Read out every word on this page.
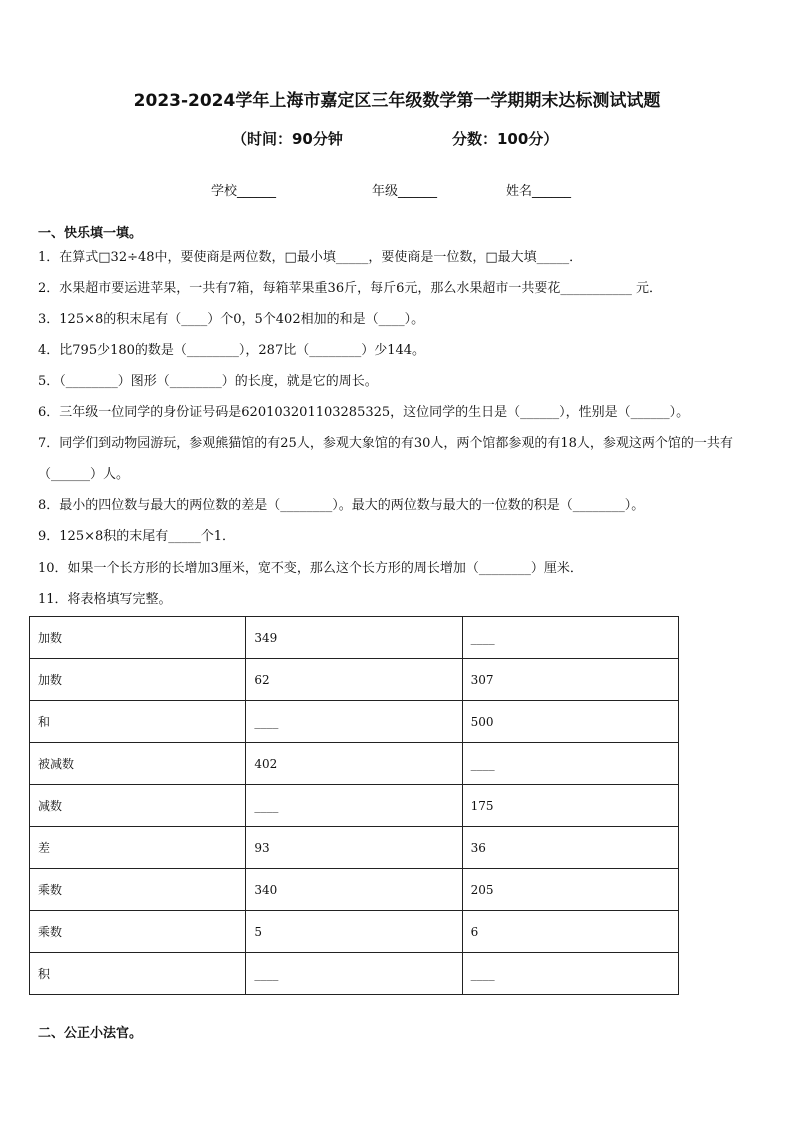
2023-2024学年上海市嘉定区三年级数学第一学期期末达标测试试题
（时间：90分钟	分数：100分）
学校______	年级______	姓名______
一、快乐填一填。
1．在算式□32÷48中，要使商是两位数，□最小填_____，要使商是一位数，□最大填_____．
2．水果超市要运进苹果，一共有7箱，每箱苹果重36斤，每斤6元，那么水果超市一共要花___________ 元．
3．125×8的积末尾有（____）个0，5个402相加的和是（____）。
4．比795少180的数是（________），287比（________）少144。
5．（________）图形（________）的长度，就是它的周长。
6．三年级一位同学的身份证号码是620103201103285325，这位同学的生日是（______），性别是（______）。
7．同学们到动物园游玩，参观熊猫馆的有25人，参观大象馆的有30人，两个馆都参观的有18人，参观这两个馆的一共有（______）人。
8．最小的四位数与最大的两位数的差是（________）。最大的两位数与最大的一位数的积是（________）。
9．125×8积的末尾有_____个1．
10．如果一个长方形的长增加3厘米，宽不变，那么这个长方形的周长增加（________）厘米．
11．将表格填写完整。
加数	349	____
加数	62	307
和	____	500
被减数	402	____
减数	____	175
差	93	36
乘数	340	205
乘数	5	6
积	____	____
二、公正小法官。
